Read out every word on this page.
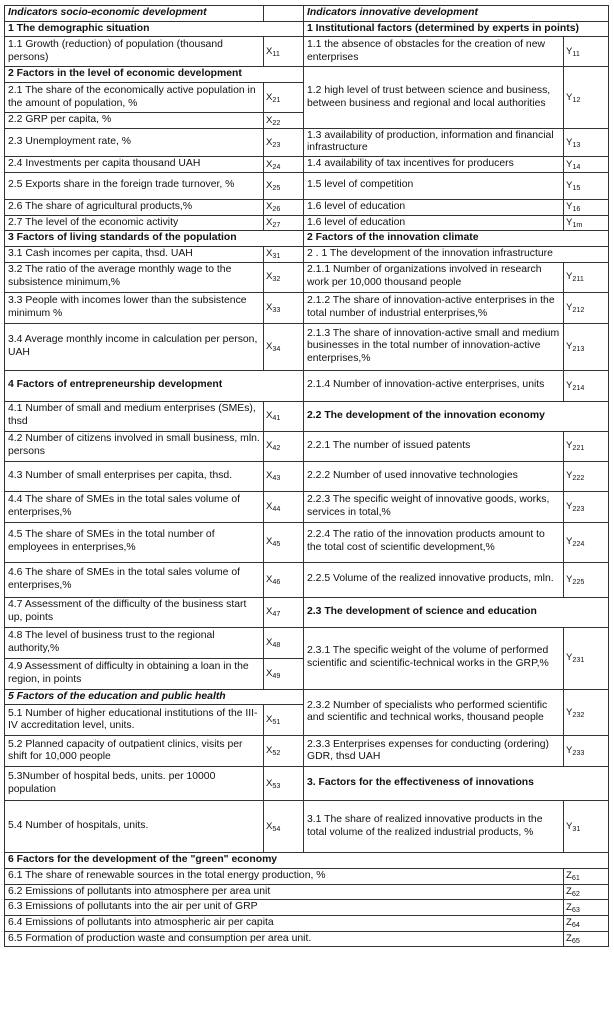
Indicators socio-economic development		Indicators innovative development	
1 The demographic situation		1 Institutional factors (determined by experts in points)	
1.1 Growth (reduction) of population (thousand persons)	$X_{11}$	1.1 the absence of obstacles for the creation of new enterprises	$Y_{11}$
2 Factors in the level of economic development		1.2 high level of trust between science and business, between business and regional and local authorities	$Y_{12}$
2.1 The share of the economically active population in the amount of population, %	$X_{21}$
2.2 GRP per capita, %	$X_{22}$
2.3 Unemployment rate, %	$X_{23}$	1.3 availability of production, information and financial infrastructure	$Y_{13}$
2.4 Investments per capita thousand UAH	$X_{24}$	1.4 availability of tax incentives for producers	$Y_{14}$
2.5 Exports share in the foreign trade turnover, %	$X_{25}$	1.5 level of competition	$Y_{15}$
2.6 The share of agricultural products,%	$X_{26}$	1.6 level of education	$Y_{16}$
2.7 The level of the economic activity	$X_{27}$	1.6 level of education	$Y_{1m}$
3 Factors of living standards of the population		2 Factors of the innovation climate	
3.1 Cash incomes per capita, thsd. UAH	$X_{31}$	2 . 1 The development of the innovation infrastructure	
3.2 The ratio of the average monthly wage to the subsistence minimum,%	$X_{32}$	2.1.1 Number of organizations involved in research work per 10,000 thousand people	$Y_{211}$
3.3 People with incomes lower than the subsistence minimum %	$X_{33}$	2.1.2 The share of innovation-active enterprises in the total number of industrial enterprises,%	$Y_{212}$
3.4 Average monthly income in calculation per person, UAH	$X_{34}$	2.1.3 The share of innovation-active small and medium businesses in the total number of innovation-active enterprises,%	$Y_{213}$
4 Factors of entrepreneurship development		2.1.4 Number of innovation-active enterprises, units	$Y_{214}$
4.1 Number of small and medium enterprises (SMEs), thsd	$X_{41}$	2.2 The development of the innovation economy	
4.2 Number of citizens involved in small business, mln. persons	$X_{42}$	2.2.1 The number of issued patents	$Y_{221}$
4.3 Number of small enterprises per capita, thsd.	$X_{43}$	2.2.2 Number of used innovative technologies	$Y_{222}$
4.4 The share of SMEs in the total sales volume of enterprises,%	$X_{44}$	2.2.3 The specific weight of innovative goods, works, services in total,%	$Y_{223}$
4.5 The share of SMEs in the total number of employees in enterprises,%	$X_{45}$	2.2.4 The ratio of the innovation products amount to the total cost of scientific development,%	$Y_{224}$
4.6 The share of SMEs in the total sales volume of enterprises,%	$X_{46}$	2.2.5 Volume of the realized innovative products, mln.	$Y_{225}$
4.7 Assessment of the difficulty of the business start up, points	$X_{47}$	2.3 The development of science and education	
4.8 The level of business trust to the regional authority,%	$X_{48}$	2.3.1 The specific weight of the volume of performed scientific and scientific-technical works in the GRP,%	$Y_{231}$
4.9 Assessment of difficulty in obtaining a loan in the region, in points	$X_{49}$
5 Factors of the education and public health		2.3.2 Number of specialists who performed scientific and scientific and technical works, thousand people	$Y_{232}$
5.1 Number of higher educational institutions of the III-IV accreditation level, units.	$X_{51}$
5.2 Planned capacity of outpatient clinics, visits per shift for 10,000 people	$X_{52}$	2.3.3 Enterprises expenses for conducting (ordering) GDR, thsd UAH	$Y_{233}$
5.3Number of hospital beds, units. per 10000 population	$X_{53}$	3. Factors for the effectiveness of innovations	
5.4 Number of hospitals, units.	$X_{54}$	3.1 The share of realized innovative products in the total volume of the realized industrial products, %	$Y_{31}$
6 Factors for the development of the "green" economy			
6.1 The share of renewable sources in the total energy production, %			$Z_{61}$
6.2 Emissions of pollutants into atmosphere per area unit			$Z_{62}$
6.3 Emissions of pollutants into the air per unit of GRP			$Z_{63}$
6.4 Emissions of pollutants into atmospheric air per capita			$Z_{64}$
6.5 Formation of production waste and consumption per area unit.			$Z_{65}$
